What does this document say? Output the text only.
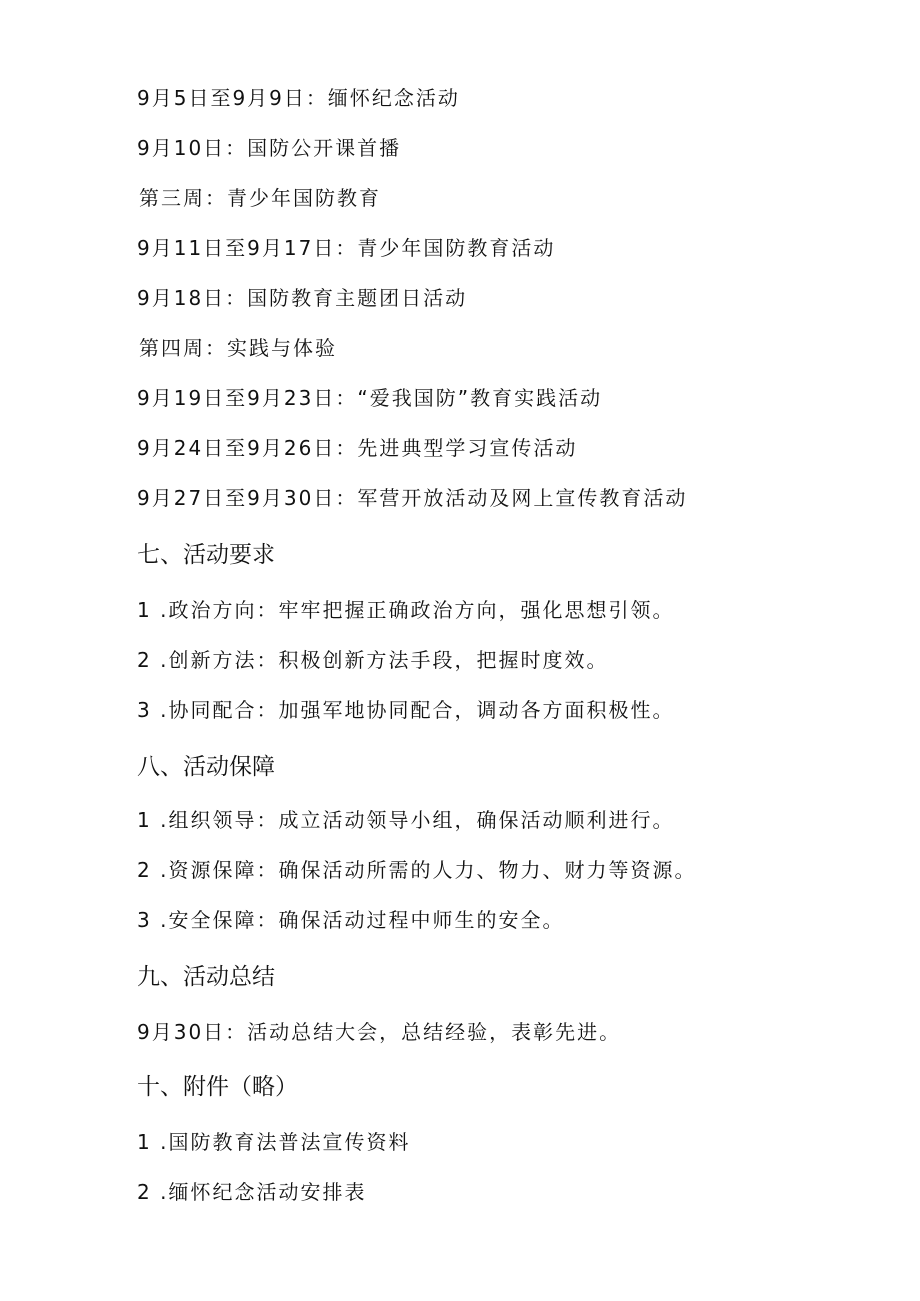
9月5日至9月9日：缅怀纪念活动
9月10日：国防公开课首播
第三周：青少年国防教育
9月11日至9月17日：青少年国防教育活动
9月18日：国防教育主题团日活动
第四周：实践与体验
9月19日至9月23日：“爱我国防”教育实践活动
9月24日至9月26日：先进典型学习宣传活动
9月27日至9月30日：军营开放活动及网上宣传教育活动
七、活动要求
1 .政治方向：牢牢把握正确政治方向，强化思想引领。
2 .创新方法：积极创新方法手段，把握时度效。
3 .协同配合：加强军地协同配合，调动各方面积极性。
八、活动保障
1 .组织领导：成立活动领导小组，确保活动顺利进行。
2 .资源保障：确保活动所需的人力、物力、财力等资源。
3 .安全保障：确保活动过程中师生的安全。
九、活动总结
9月30日：活动总结大会，总结经验，表彰先进。
十、附件（略）
1 .国防教育法普法宣传资料
2 .缅怀纪念活动安排表
